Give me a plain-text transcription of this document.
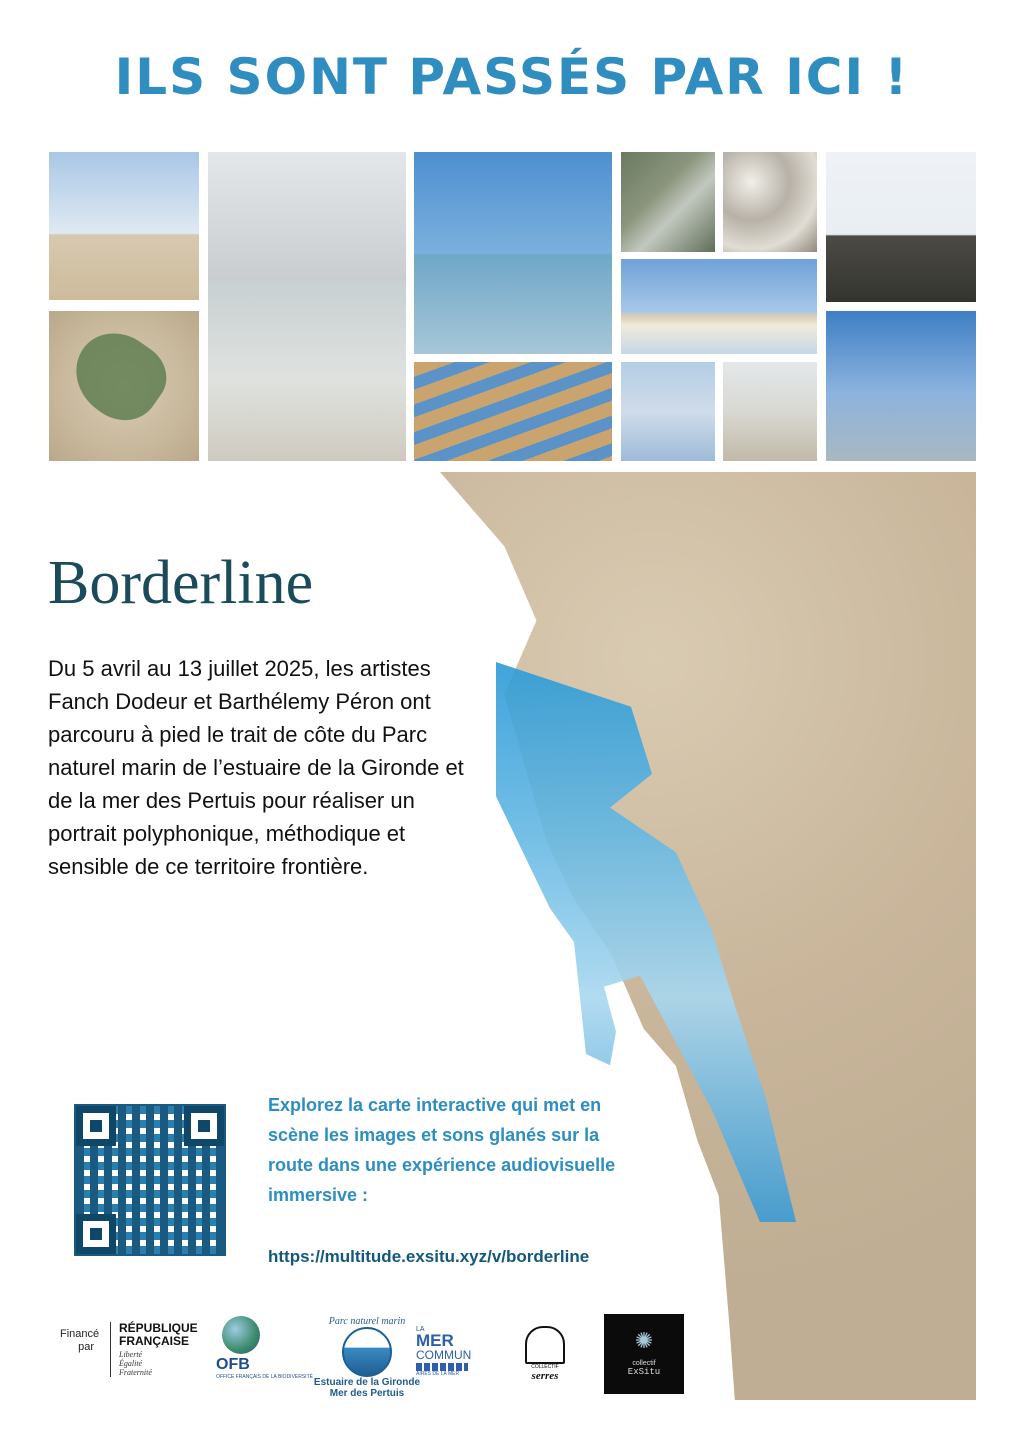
ILS SONT PASSÉS PAR ICI !
Borderline
Du 5 avril au 13 juillet 2025, les artistes Fanch Dodeur et Barthélemy Péron ont parcouru à pied le trait de côte du Parc naturel marin de l’estuaire de la Gironde et de la mer des Pertuis pour réaliser un portrait polyphonique, méthodique et sensible de ce territoire frontière.
Explorez la carte interactive qui met en scène les images et sons glanés sur la route dans une expérience audiovisuelle immersive :
https://multitude.exsitu.xyz/v/borderline
Financé par
RÉPUBLIQUE
FRANÇAISE
Liberté
Égalité
Fraternité	OFB
OFFICE FRANÇAIS DE LA BIODIVERSITÉ
Parc naturel marin
Estuaire de la Gironde
Mer des Pertuis
LA
MER
COMMUN
AIRES DE LA MER
COLLECTIF
serres
✺
collectif
ExSitu
